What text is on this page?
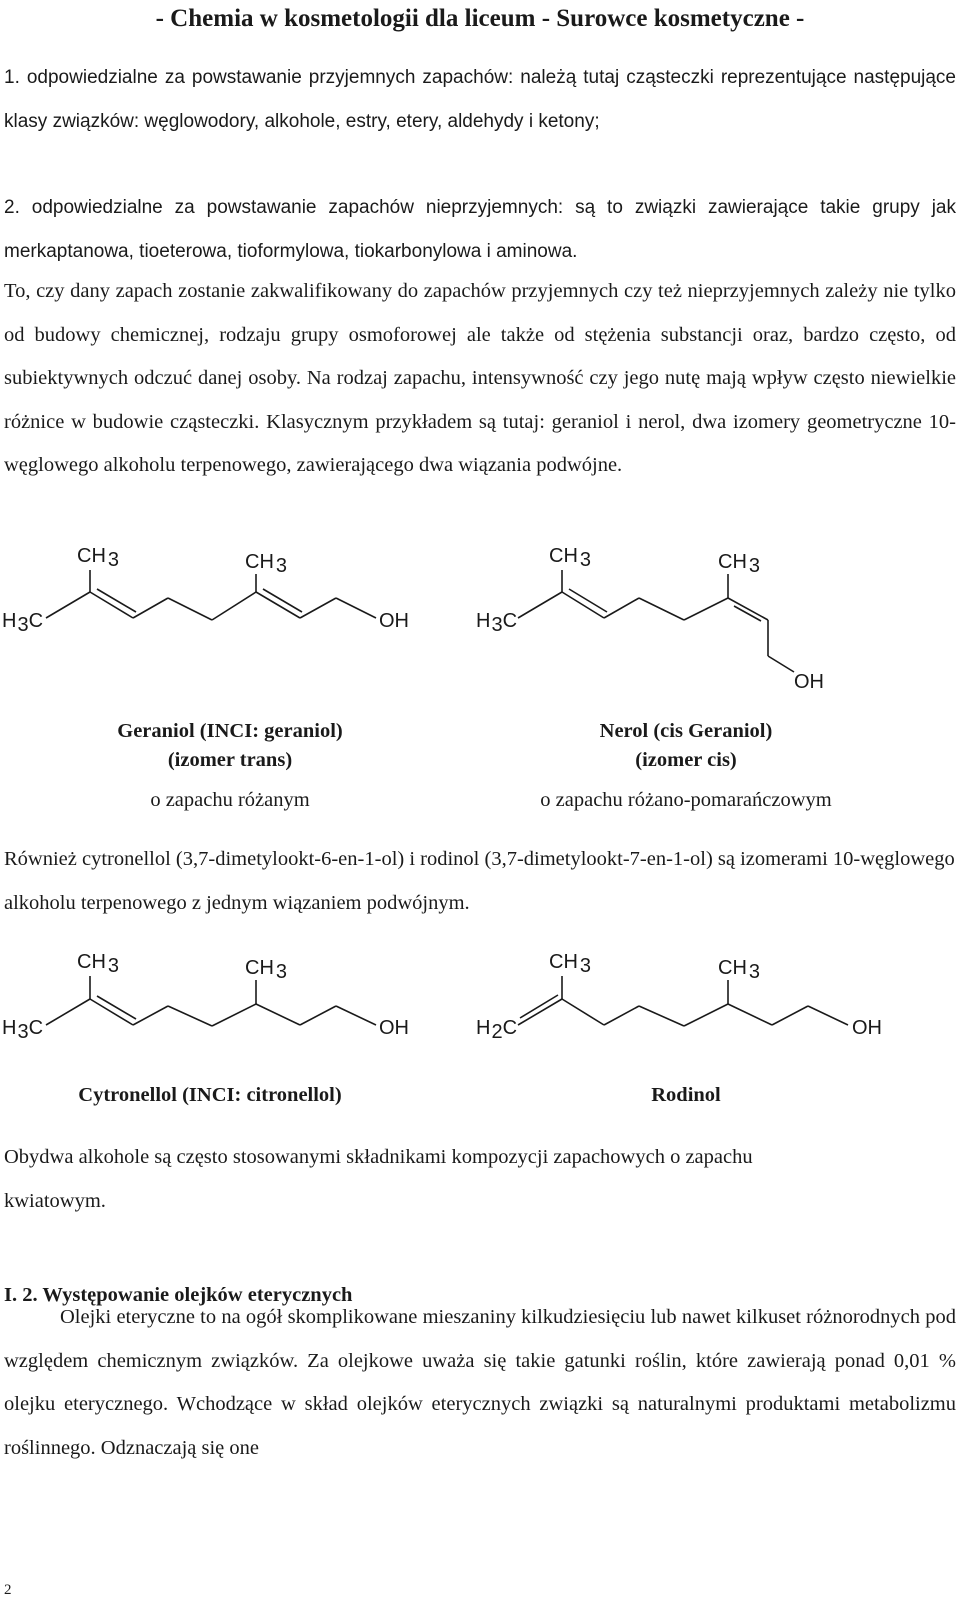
- Chemia w kosmetologii dla liceum - Surowce kosmetyczne -

1. odpowiedzialne za powstawanie przyjemnych zapachów: należą tutaj cząsteczki reprezentujące następujące klasy związków: węglowodory, alkohole, estry, etery, aldehydy i ketony;

2. odpowiedzialne za powstawanie zapachów nieprzyjemnych: są to związki zawierające takie grupy jak merkaptanowa, tioeterowa, tioformylowa, tiokarbonylowa i aminowa.

To, czy dany zapach zostanie zakwalifikowany do zapachów przyjemnych czy też nieprzyjemnych zależy nie tylko od budowy chemicznej, rodzaju grupy osmoforowej ale także od stężenia substancji oraz, bardzo często, od subiektywnych odczuć danej osoby. Na rodzaj zapachu, intensywność czy jego nutę mają wpływ często niewielkie różnice w budowie cząsteczki. Klasycznym przykładem są tutaj: geraniol i nerol, dwa izomery geometryczne 10-węglowego alkoholu terpenowego, zawierającego dwa wiązania podwójne.

CH 3	CH 3
H3C	OH
CH 3	CH 3
H3C
OH
Geraniol (INCI: geraniol)
(izomer trans)
o zapachu różanym
Nerol (cis Geraniol)
(izomer cis)
o zapachu różano-pomarańczowym

Również cytronellol (3,7-dimetylookt-6-en-1-ol) i rodinol (3,7-dimetylookt-7-en-1-ol) są izomerami 10-węglowego alkoholu terpenowego z jednym wiązaniem podwójnym.

CH 3	CH 3
H3C	OH
CH 3	CH 3
H2C	OH
Cytronellol (INCI: citronellol)	Rodinol

Obydwa alkohole są często stosowanymi składnikami kompozycji zapachowych o zapachu kwiatowym.

I. 2. Występowanie olejków eterycznych

Olejki eteryczne to na ogół skomplikowane mieszaniny kilkudziesięciu lub nawet kilkuset różnorodnych pod względem chemicznym związków. Za olejkowe uważa się takie gatunki roślin, które zawierają ponad 0,01 % olejku eterycznego. Wchodzące w skład olejków eterycznych związki są naturalnymi produktami metabolizmu roślinnego. Odznaczają się one

2
